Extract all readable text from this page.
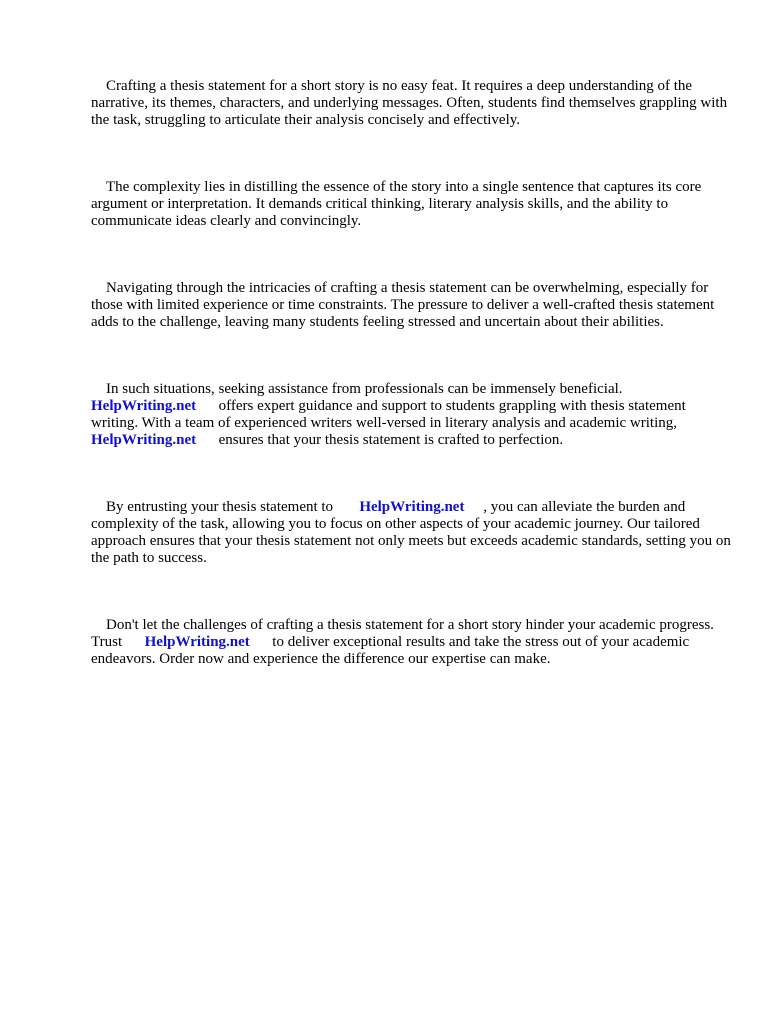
Crafting a thesis statement for a short story is no easy feat. It requires a deep understanding of the narrative, its themes, characters, and underlying messages. Often, students find themselves grappling with the task, struggling to articulate their analysis concisely and effectively.

The complexity lies in distilling the essence of the story into a single sentence that captures its core argument or interpretation. It demands critical thinking, literary analysis skills, and the ability to communicate ideas clearly and convincingly.

Navigating through the intricacies of crafting a thesis statement can be overwhelming, especially for those with limited experience or time constraints. The pressure to deliver a well-crafted thesis statement adds to the challenge, leaving many students feeling stressed and uncertain about their abilities.

In such situations, seeking assistance from professionals can be immensely beneficial.
HelpWriting.net      offers expert guidance and support to students grappling with thesis statement writing. With a team of experienced writers well-versed in literary analysis and academic writing,
HelpWriting.net      ensures that your thesis statement is crafted to perfection.

By entrusting your thesis statement to       HelpWriting.net     , you can alleviate the burden and complexity of the task, allowing you to focus on other aspects of your academic journey. Our tailored approach ensures that your thesis statement not only meets but exceeds academic standards, setting you on the path to success.

Don't let the challenges of crafting a thesis statement for a short story hinder your academic progress. Trust      HelpWriting.net      to deliver exceptional results and take the stress out of your academic endeavors. Order now and experience the difference our expertise can make.
